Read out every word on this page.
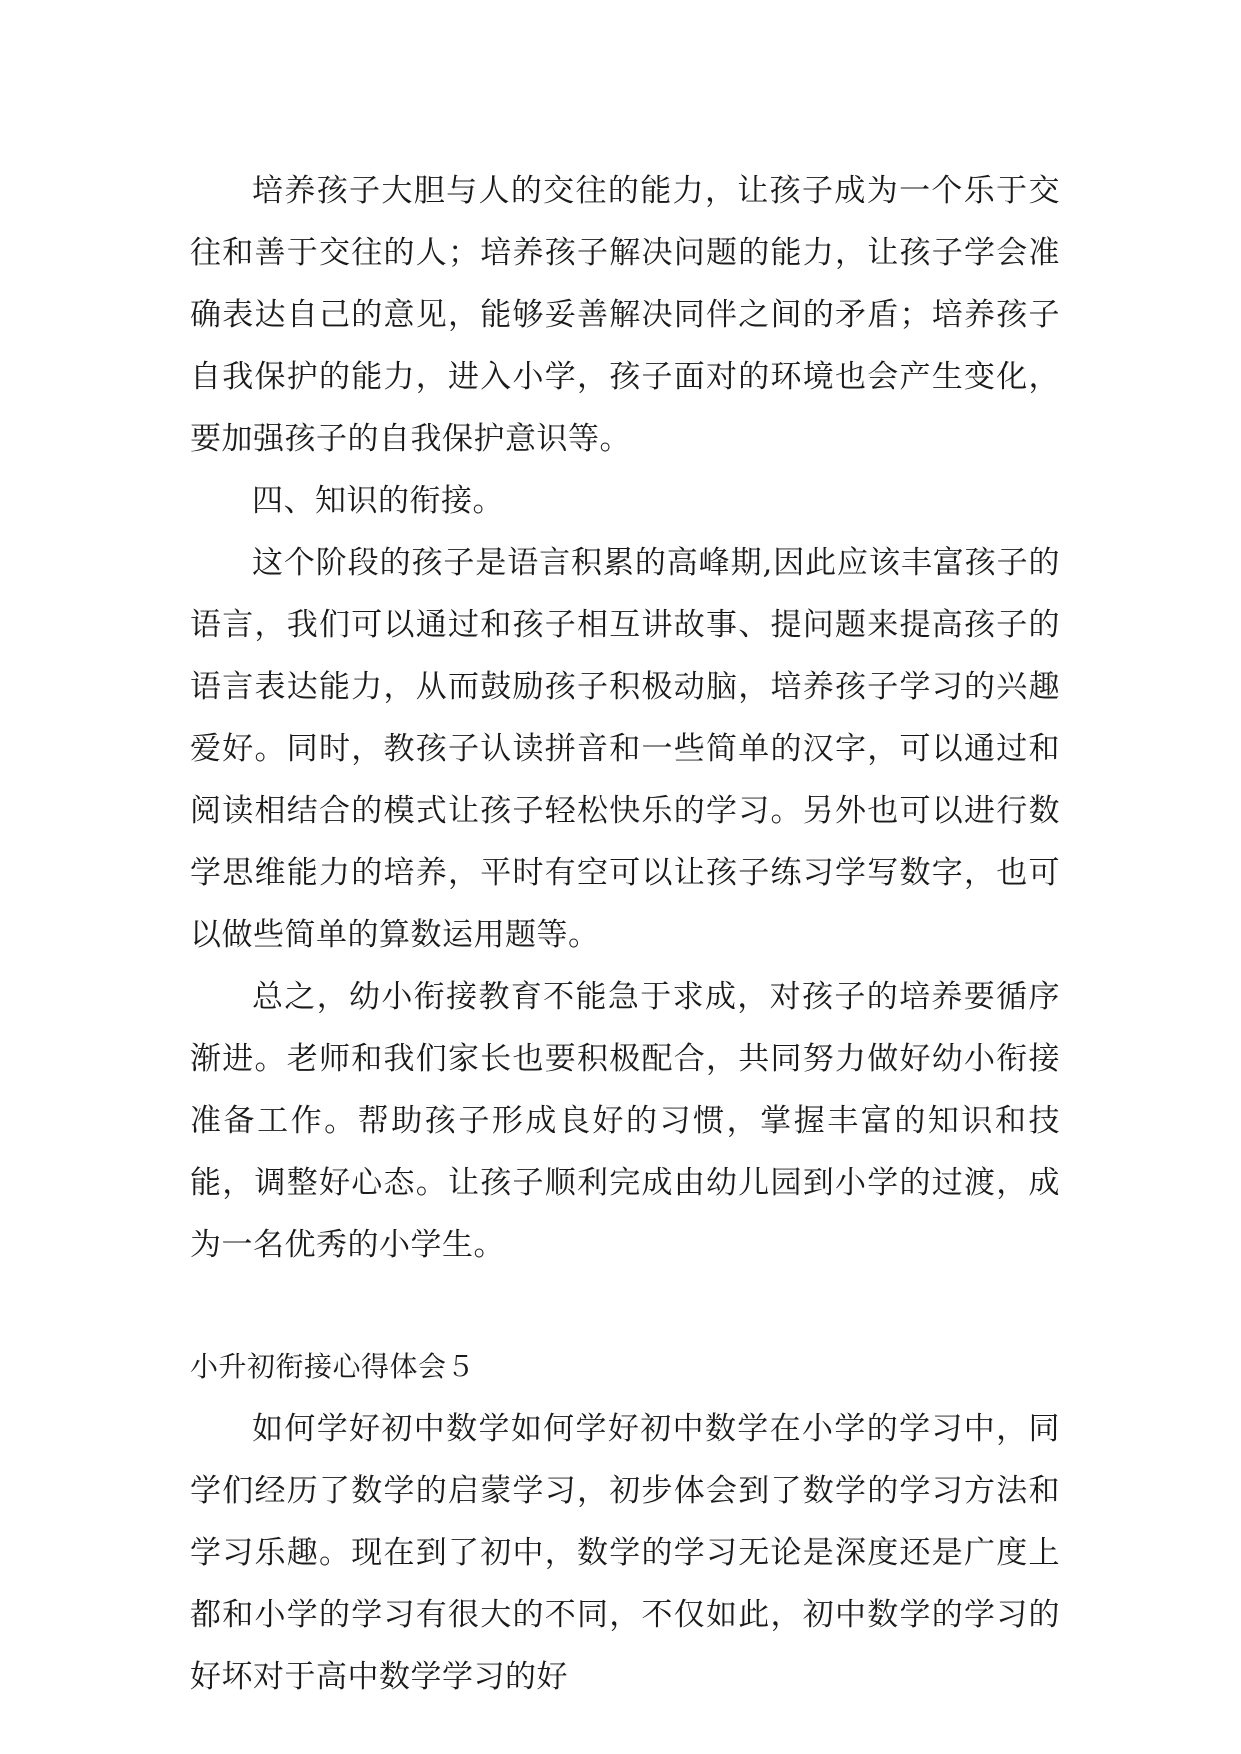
培养孩子大胆与人的交往的能力，让孩子成为一个乐于交往和善于交往的人；培养孩子解决问题的能力，让孩子学会准确表达自己的意见，能够妥善解决同伴之间的矛盾；培养孩子自我保护的能力，进入小学，孩子面对的环境也会产生变化，要加强孩子的自我保护意识等。

四、知识的衔接。

这个阶段的孩子是语言积累的高峰期,因此应该丰富孩子的语言，我们可以通过和孩子相互讲故事、提问题来提高孩子的语言表达能力，从而鼓励孩子积极动脑，培养孩子学习的兴趣爱好。同时，教孩子认读拼音和一些简单的汉字，可以通过和阅读相结合的模式让孩子轻松快乐的学习。另外也可以进行数学思维能力的培养，平时有空可以让孩子练习学写数字，也可以做些简单的算数运用题等。

总之，幼小衔接教育不能急于求成，对孩子的培养要循序渐进。老师和我们家长也要积极配合，共同努力做好幼小衔接准备工作。帮助孩子形成良好的习惯，掌握丰富的知识和技能，调整好心态。让孩子顺利完成由幼儿园到小学的过渡，成为一名优秀的小学生。

小升初衔接心得体会５

如何学好初中数学如何学好初中数学在小学的学习中，同学们经历了数学的启蒙学习，初步体会到了数学的学习方法和学习乐趣。现在到了初中，数学的学习无论是深度还是广度上都和小学的学习有很大的不同，不仅如此，初中数学的学习的好坏对于高中数学学习的好
